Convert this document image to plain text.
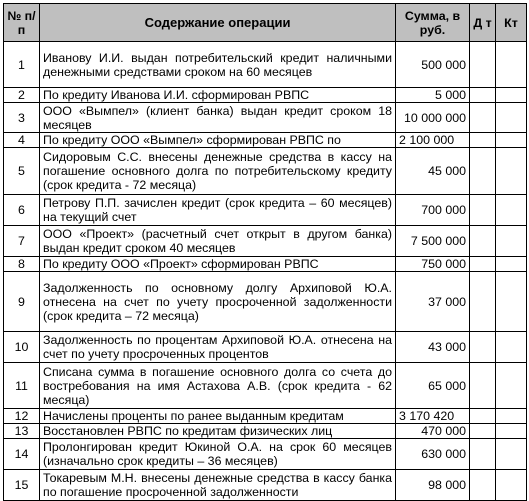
№ п/п	Содержание операции	Сумма, в руб.	Д т	Кт
1	Иванову И.И. выдан потребительский кредит наличными денежными средствами сроком на 60 месяцев	500 000		
2	По кредиту Иванова И.И. сформирован РВПС	5 000		
3	ООО «Вымпел» (клиент банка) выдан кредит сроком 18 месяцев	10 000 000		
4	По кредиту ООО «Вымпел» сформирован РВПС по	2 100 000		
5	Сидоровым С.С. внесены денежные средства в кассу на погашение основного долга по потребительскому кредиту (срок кредита - 72 месяца)	45 000		
6	Петрову П.П. зачислен кредит (срок кредита – 60 месяцев) на текущий счет	700 000		
7	ООО «Проект» (расчетный счет открыт в другом банка) выдан кредит сроком 40 месяцев	7 500 000		
8	По кредиту ООО «Проект» сформирован РВПС	750 000		
9	Задолженность по основному долгу Архиповой Ю.А. отнесена на счет по учету просроченной задолженности (срок кредита – 72 месяца)	37 000		
10	Задолженность по процентам Архиповой Ю.А. отнесена на счет по учету просроченных процентов	43 000		
11	Списана сумма в погашение основного долга со счета до востребования на имя Астахова А.В. (срок кредита - 62 месяца)	65 000		
12	Начислены проценты по ранее выданным кредитам	3 170 420		
13	Восстановлен РВПС по кредитам физических лиц	470 000		
14	Пролонгирован кредит Юкиной О.А. на срок 60 месяцев (изначально срок кредиты – 36 месяцев)	630 000		
15	Токаревым М.Н. внесены денежные средства в кассу банка по погашение просроченной задолженности	98 000		
